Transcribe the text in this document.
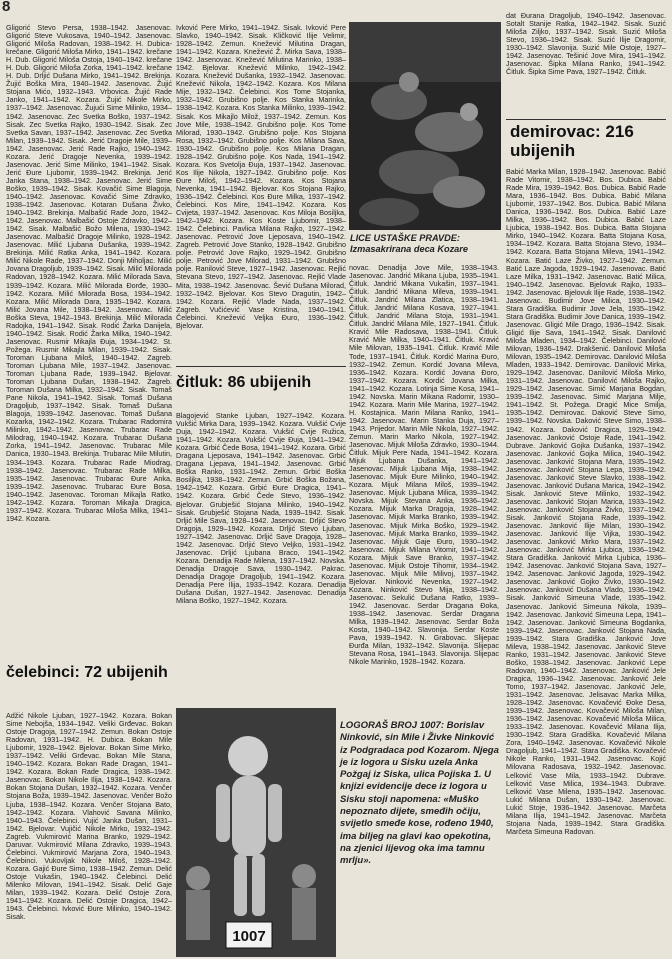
8

Gligorić Stevo Persa, 1938–1942. Jasenovac. Gligorić Steve Vukosava, 1940–1942. Jasenovac. Gligorić Miloša Radovan, 1938–1942. H. Dubica-krečane. Gligorić Miloša Mirko, 1941–1942. krečane H. Dub. Gligorić Miloša Ostoja, 1940–1942. krečane H. Dub. Gligorić Miloša Zorka, 1941–1942. krečane H. Dub. Drljić Dušana Mirko, 1941–1942. Brekinja. Žujić Boška Mira, 1940–1942. Jasenovac. Žujić Stojana Mićo, 1932–1943. Vrbovica. Žujić Rade Janko, 1941–1942. Kozara. Žujić Nikole Mirko, 1937–1942. Jasenovac. Žujući Sime Milinko, 1934–1942. Jasenovac. Zec Svetka Boško, 1937–1942. Sisak. Zec Svetka Rajko, 1930–1942. Sisak. Zec Svetka Savan, 1937–1942. Jasenovac. Zec Svetka Milan, 1939–1942. Sisak. Jerić Dragoje Mile, 1939–1942. Jasenovac. Jerić Rade Rajko, 1940–1942. Kozara. Jerić Dragoje Nevenka, 1939–1942. Jasenovac. Jerić Sime Milinko, 1941–1942. Sisak. Jerić Đure Ljubomir, 1939–1942. Brekinja. Jerić Janka Stana, 1938–1942. Jasenovac. Jerić Sime Boško, 1939–1942. Sisak. Kovačić Sime Blagoja, 1940–1942. Jasenovac. Kovačić Sime Zdravko, 1938–1942. Jasenovac. Kotaran Dušana Živko, 1940–1942. Brekinja. Malbašić Rade Jozo, 1942–1942. Jasenovac. Malbašić Ostoje Zdravko, 1942–1942. Sisak. Malbašić Božo Milena, 1930–1942. Jasenovac. Malbašić Dragoje Milinko, 1928–1942. Jasenovac. Milić Ljubana Dušanka, 1939–1942. Brekinja. Milić Ratka Anka, 1941–1942. Kozara. Milić Nikole Rade, 1937–1942. Donji Miholjac. Milić Jovana Dragoljub, 1939–1942. Sisak. Milić Milorada Radovan, 1928–1942. Kozara. Milić Milorada Sava, 1939–1942. Kozara. Milić Milorada Đorđe, 1930–1942. Kozara. Milić Milorada Bosa, 1934–1942. Kozara. Milić Milorada Dara, 1935–1942. Kozara. Milić Jovana Mile, 1938–1942. Jasenovac. Milić Boška Steva, 1942–1943. Brekinja. Milić Milorada Radojka, 1941–1942. Sisak. Rodić Žarka Danijela, 1940–1942. Sisak. Rodić Žarka Milka, 1940–1942. Jasenovac. Rusmir Mikajla Đuja, 1934–1942. St. Požega. Rusmir Mikajla Milan, 1939–1942. Sisak. Toroman Ljubana Miloš, 1940–1942. Zagreb. Toroman Ljubana Mile, 1937–1942. Jasenovac. Toroman Ljubana Rade, 1939–1942. Bjelovar. Toroman Ljubana Dušan, 1938–1942. Zagreb. Toroman Dušana Milka, 1932–1942. Sisak. Tomaš Pane Nikola, 1941–1942. Sisak. Tomaš Dušana Dragoljub, 1937–1942. Sisak. Tomaš Dušana Blagoja, 1939–1942. Jasenovac. Tomaš Dušana Kozarka, 1942–1942. Kozara. Trubarac Radomira Milinko, 1942–1942. Jasenovac. Trubarac Rade Milodrag, 1940–1942. Kozara. Trubarac Dušana Zorka, 1941–1942. Jasenovac. Trubarac Mile Danica, 1930–1943. Brekinja. Trubarac Mile Milutin, 1934–1943. Kozara. Trubarac Rade Miodrag, 1938–1942. Jasenovac. Trubarac Rade Milka, 1935–1942. Jasenovac. Trubarac Đure Anka, 1939–1942. Jasenovac. Trubarac Đure Bosa, 1940–1942. Jasenovac. Toroman Mikajla Ratko, 1942–1942. Kozara. Toroman Mikajla Dragica, 1937–1942. Kozara. Trubarac Miloša Milka, 1941–1942. Kozara.

čelebinci: 72 ubijenih

Adžić Nikole Ljuban, 1927–1942. Kozara. Bokan Sime Nebojša, 1934–1942. Veliki Grđevac. Bokan Ostoje Dragoja, 1927–1942. Zemun. Bokan Ostoje Radovan, 1931–1942. H. Dubica. Bokan Mile Ljubomir, 1928–1942. Bjelovar. Bokan Sime Mirko, 1937–1942. Veliki Grđevac. Bokan Mile Stana, 1940–1942. Kozara. Bokan Rade Dragan, 1941–1942. Kozara. Bokan Rade Dragica, 1938–1942. Jasenovac. Bokan Nikole Ilija, 1938–1942. Kozara. Bokan Stojana Dušan, 1932–1942. Kozara. Venčer Stojana Boža, 1939–1942. Jasenovac. Venčer Božo Ljuba, 1938–1942. Kozara. Venčer Stojana Bato, 1942–1942. Kozara. Vlahović Savana Milinko, 1940–1943. Čelebinci. Vujić Janka Dušan, 1931–1942. Bjelovar. Vujičić Nikole Mirko, 1932–1942. Zagreb. Vukmirović Marina Branko, 1929–1942. Daruvar. Vukmirović Milana Zdravko, 1939–1943. Čelebinci. Vukmirović Marjana Zora, 1940–1943. Čelebinci. Vukovljak Nikole Miloš, 1928–1942. Kozara. Gajić Đure Simo, 1938–1942. Zemun. Delić Ostoje Vukašin, 1940–1942. Čelebinci. Delić Milenko Milovan, 1941–1942. Sisak. Delić Gaje Milan, 1939–1942. Kozara. Delić Ostoje Zora, 1941–1942. Kozara. Delić Ostoje Dragica, 1942–1943. Čelebinci. Ivković Đure Milinko, 1940–1942. Sisak.

Ivković Pere Mirko, 1941–1942. Sisak. Ivković Pere Slavko, 1940–1942. Sisak. Kličković Ilije Velimir, 1928–1942. Zemun. Knežević Milutina Dragan, 1941–1942. Kozara. Knežević Ž. Mirka Sava, 1938–1942. Jasenovac. Knežević Milutina Marinko, 1938–1942. Bjelovar. Knežević Milinko, 1942–1942. Kozara. Knežević Dušanka, 1932–1942. Jasenovac. Knežević Nikola, 1942–1942. Kozara. Kos Milana Mije, 1932–1942. Čelebinci. Kos Tome Stojanka, 1932–1942. Grubišno polje. Kos Stanka Marinka, 1938–1942. Kozara. Kos Stanka Milinko, 1939–1942. Sisak. Kos Mikajlo Milož, 1937–1942. Zemun. Kos Jove Mile, 1938–1942. Grubišno polje. Kos Tome Milorad, 1930–1942. Grubišno polje. Kos Stojana Rosa, 1932–1942. Grubišno polje. Kos Milana Sava, 1930–1942. Grubišno polje. Kos Milana Dragan, 1928–1942. Grubišno polje. Kos Nada, 1941–1942. Kozara. Kos Svetolja Đuja, 1937–1942. Jasenovac. Kos Ilije Nikola, 1927–1942. Grubišno polje. Kos Đure Miloš, 1942–1942. Kozara. Kos Stojana Nevenka, 1941–1942. Bjelovar. Kos Stojana Rajko, 1936–1942. Čelebinci. Kos Đure Milka, 1937–1942. Čelebinci. Kos Mire, 1941–1942. Kozara. Kos Cvijeta, 1937–1942. Jasenovac. Kos Miloja Bosiljka, 1942–1942. Kozara. Kos Koste Ljubomir, 1938–1942. Čelebinci. Pavlica Milana Rajko, 1927–1942. Jasenovac. Petrović Jove Ljeposava, 1940–1942. Zagreb. Petrović Jove Stanko, 1928–1942. Grubišno polje. Petrović Jove Rajko, 1929–1942. Grubišno polje. Petrović Jove Milorad, 1931–1942. Grubišno polje. Ranilović Steve, 1927–1942. Jasenovac. Rejlić Stevana Stevo, 1927–1942. Jasenovac. Rejlić Vlade Mita, 1938–1942. Jasenovac. Šević Dušana Milorad, 1932–1942. Bjelovar. Kos Stevo Dragutin, 1942–1942. Kozara. Rejlić Vlade Nada, 1937–1942. Zagreb. Vučićević Vase Kristina, 1940–1941. Čelebinci. Knežević Veljka Đuro, 1936–1942. Bjelovar.

čitluk: 86 ubijenih

Blagojević Stanke Ljuban, 1927–1942. Kozara. Vukšić Mirka Dara, 1939–1942. Kozara. Vukšić Cvije Duja, 1942–1942. Kozara. Vukšić Cvije Ružica, 1941–1942. Kozara. Vukšić Cvije Đuja, 1941–1942. Kozara. Grbić Čede Bosa, 1941–1942. Kozara. Grbić Dragana Ljeposava, 1941–1942. Jasenovac. Grbić Dragana Ljepava, 1941–1942. Jasenovac. Grbić Boška Ranko, 1931–1942. Zemun. Grbić Boška Bosiljka, 1938–1942. Zemun. Grbić Boška Božana, 1942–1942. Kozara. Grbić Đure Dragica, 1941–1942. Kozara. Grbić Čede Stevo, 1936–1942. Bjelovar. Grubješić Stojana Milinko, 1940–1942. Sisak. Grubješić Stojana Nada, 1939–1942. Sisak. Drljić Mile Sava, 1928–1942. Jasenovac. Drljić Stevo Dragoja, 1929–1942. Kozara. Drljić Stevo Ljuban, 1927–1942. Jasenovac. Drljić Save Dragoja, 1928–1942. Jasenovac. Drljić Stevo Veljko, 1931–1942. Jasenovac. Drljić Ljubana Braco, 1941–1942. Kozara. Denadija Rade Milena, 1937–1942. Novska. Denadija Dragoje Sava, 1930–1942. Pakrac. Denadija Dragoje Dragoljub, 1941–1942. Kozara. Denadija Pere Ilija, 1933–1942. Kozara. Denadija Dušana Dušan, 1927–1942. Jasenovac. Denadija Milana Boško, 1927–1942. Kozara.

LICE USTAŠKE PRAVDE: Izmasakrirana deca Kozare

novac. Denadija Jove Mile, 1938–1943. Jasenovac. Jandrić Mikana Ljuba, 1935–1941. Čitluk. Jandrić Mikana Vukašin, 1937–1941. Čitluk. Jandrić Mikana Mileva, 1939–1941. Čitluk. Jandrić Milana Zlatica, 1938–1941. Čitluk. Jandrić Milana Kosava, 1927–1941. Čitluk. Jandrić Milana Stoja, 1931–1941. Čitluk. Jandrić Milana Mile, 1927–1941. Čitluk. Kravić Mile Radosava, 1938–1941. Čitluk. Kravić Mile Milka, 1940–1941. Čitluk. Kravić Mile Milovan, 1935–1941. Čitluk. Kravić Mile Tode, 1937–1941. Čitluk. Kordić Marina Đuro, 1932–1942. Zemun. Kordić Jovana Mileva, 1936–1942. Kozara. Kordić Jovana Đoro, 1937–1942. Kozara. Kordić Jovana Milka, 1941–1942. Kozara. Lotinja Sime Kosa, 1941–1942. Novska. Marin Mikana Radomir, 1930–1942. Kozara. Marin Mile Marina, 1927–1942. H. Kostajnica. Marin Milana Ranko, 1941–1942. Jasenovac. Marin Stanka Duja, 1927–1943. Prijedor. Marin Mile Nikola, 1927–1942. Zemun. Marin Marko Nikola, 1927–1942. Jasenovac. Mijuk Miloša Zdravko, 1930–1944. Čitluk. Mijuk Pere Nada, 1941–1942. Kozara. Mijuk Ljubana Dušanka, 1941–1942. Jasenovac. Mijuk Ljubana Mija, 1938–1942. Jasenovac. Mijuk Đure Milinko, 1940–1942. Kozara. Mijuk Milana Miloš, 1939–1942. Jasenovac. Mijuk Ljubana Milica, 1939–1942. Novska. Mijuk Stevana Anka, 1936–1942. Kozara. Mijuk Marka Dragoja, 1928–1942. Jasenovac. Mijuk Marka Branko, 1939–1942. Jasenovac. Mijuk Mirka Boško, 1929–1942. Jasenovac. Mijuk Marka Branko, 1939–1942. Jasenovac. Mijuk Gaje Đuro, 1930–1942. Jasenovac. Mijuk Milana Vitomir, 1941–1942. Kozara. Mijuk Save Branko, 1937–1942. Jasenovac. Mijuk Ostoje Tihomir, 1934–1942. Jasenovac. Mijuk Mile Milivoj, 1937–1942. Bjelovar. Ninković Nevenka, 1927–1942. Kozara. Ninković Stevo Mija, 1938–1942. Jasenovac. Sekulić Dušana Ratko, 1939–1942. Jasenovac. Serdar Dragana Đoka, 1938–1942. Jasenovac. Serdar Dragana Milka, 1939–1942. Jasenovac. Serdar Boža Kosta, 1940–1942. Slavonija. Serdar Koste Pava, 1939–1942. N. Grabovac. Slijepac Đurđa Milan, 1932–1942. Slavonija. Slijepac Stevana Rosa, 1941–1943. Slavonija. Slijepac Nikole Marinko, 1928–1942. Kozara.

dat Đurana Dragoljub, 1940–1942. Jasenovac. Sotalt Stanije Ratka, 1942–1942. Sisak. Suzić Miloša Ziljko, 1937–1942. Sisak. Suzić Miloša Stevo, 1936–1942. Sisak. Suzić Ilije Dragomir, 1930–1942. Slavonija. Suzić Mile Ostoje, 1927–1942. Jasenovac. Tešinić Jove Mira, 1941–1942. Jasenovac. Šipka Milana Ranko, 1941–1942. Čitluk. Šipka Sime Pava, 1927–1942. Čitluk.

demirovac: 216 ubijenih

Babić Marka Milan, 1928–1942. Jasenovac. Babić Rade Vitomir, 1938–1942. Bos. Dubica. Babić Rade Mira, 1939–1942. Bos. Dubica. Babić Rade Mara, 1936–1942. Bos. Dubica. Babić Milana Ljubomir, 1937–1942. Bos. Dubica. Babić Milana Danica, 1936–1942. Bos. Dubica. Babić Laze Milka, 1936–1942. Bos. Dubica. Babić Laze Ljubica, 1938–1942. Bos. Dubica. Batta Stojana Mirko, 1940–1942. Kozara. Batta Stojana Kosa, 1934–1942. Kozara. Batta Stojana Stevo, 1934–1942. Kozara. Batta Stojana Mileva, 1941–1942. Kozara. Batić Laze Živko, 1927–1942. Zemun. Batić Laze Jagoda, 1929–1942. Jasenovac. Batić Laze Milka, 1931–1942. Jasenovac. Batić Milica, 1940–1942. Jasenovac. Bjelovuk Rajko, 1933–1942. Jasenovac. Bjelovuk Ilije Rade, 1938–1942. Jasenovac. Budimir Jove Milica, 1930–1942. Stara Gradiška. Budimir Jove Jela, 1935–1942. Stara Gradiška. Budimir Jove Danica, 1939–1942. Jasenovac. Gligić Mile Drago, 1936–1942. Sisak. Gligić Ilije Sava, 1941–1942. Sisak. Danilović Miloša Mladen, 1934–1942. Čelebinci. Danilović Milovan, 1936–1942. Drakšenić. Danilović Miloša Milovan, 1935–1942. Demirovac. Danilović Miloša Mladen, 1933–1942. Demirovac. Danilović Mirka, 1929–1942. Jasenovac. Danilović Miloša Mirko, 1931–1942. Jasenovac. Danilović Miloša Rajko, 1929–1942. Jasenovac. Simić Marjana Bogdan, 1939–1942. Jasenovac. Simić Marjana Milje, 1941–1942. St. Požega. Dragić Mice Smilja, 1935–1942. Demirovac. Daković Steve Simo, 1939–1942. Novska. Daković Steve Simo, 1938–1942. Kozara. Daković Dragica, 1929–1942. Jasenovac. Janković Ostoje Rade, 1941–1942. Dubrave. Janković Gojka Dušanka, 1937–1942. Jasenovac. Janković Gojka Milica, 1940–1942. Jasenovac. Janković Stojana Mara, 1935–1942. Jasenovac. Janković Stojana Lepa, 1939–1942. Jasenovac. Janković Steve Slavko, 1938–1942. Jasenovac. Janković Dušana Marica, 1942–1942. Sisak. Janković Steve Milinko, 1932–1942. Jasenovac. Janković Stojan Marica, 1933–1942. Jasenovac. Janković Stojana Živko, 1937–1942. Sisak. Janković Stojana Rade, 1939–1942. Jasenovac. Janković Ilije Milan, 1930–1942. Jasenovac. Janković Ilije Vijka, 1930–1942. Jasenovac. Janković Mirko Mara, 1937–1942. Jasenovac. Janković Mirka Ljubica, 1936–1942. Stara Gradiška. Janković Mirka Ljubica, 1936–1942. Jasenovac. Janković Stojana Sava, 1927–1942. Jasenovac. Janković Jagoda, 1929–1942. Jasenovac. Janković Gojko Živko, 1930–1942. Jasenovac. Janković Dušana Vlado, 1936–1942. Sisak. Janković Simeuna Vlade, 1935–1942. Jasenovac. Janković Simeuna Nikola, 1939–1942. Jasenovac. Janković Simeuna Lepa, 1941–1942. Jasenovac. Janković Simeuna Bogdanka, 1939–1942. Jasenovac. Janković Stojana Nada, 1939–1942. Stara Gradiška. Janković Jove Mileva, 1938–1942. Jasenovac. Janković Steve Ranko, 1931–1942. Jasenovac. Janković Steve Boško, 1938–1942. Jasenovac. Janković Lepe Radovan, 1940–1942. Jasenovac. Janković Jele Dragica, 1936–1942. Jasenovac. Janković Jele Tomo, 1937–1942. Jasenovac. Janković Jele, 1931–1942. Jasenovac. Jelisavac Marka Milka, 1928–1942. Jasenovac. Kovačević Đoke Desa, 1939–1942. Jasenovac. Kovačević Miloša Milan, 1936–1942. Jasenovac. Kovačević Miloša Milica, 1933–1942. Jasenovac. Kovačević Milana Ilija, 1930–1942. Stara Gradiška. Kovačević Milana Zora, 1940–1942. Jasenovac. Kovačević Nikole Dragoljub, 1941–1942. Stara Gradiška. Kovačević Nikole Ranko, 1931–1942. Jasenovac. Kojić Milovana Radosava, 1932–1942. Jasenovac. Lelković Vase Mila, 1933–1942. Dubrave. Lelković Vase Milica, 1934–1943. Dubrave. Lelković Vase Milena, 1935–1942. Jasenovac. Lukić Milana Dušan, 1930–1942. Jasenovac. Lukić Stoje, 1936–1942. Jasenovac. Marčeta Milana Ilija, 1941–1942. Jasenovac. Marčeta Stojana Nada, 1939–1942. Stara Gradiška. Marčeta Simeuna Radovan.

1007
LOGORAŠ BROJ 1007: Borislav Ninković, sin Mile i Živke Ninković iz Podgradaca pod Kozarom. Njega je iz logora u Sisku uzela Anka Požgaj iz Siska, ulica Pojiska 1. U knjizi evidencije dece iz logora u Sisku stoji napomena: «Muško nepoznato dijete, smeđih očiju, svijetlo smeđe kose, rođeno 1940, ima biljeg na glavi kao opekotina, na zjenici lijevog oka ima tamnu mrlju».
